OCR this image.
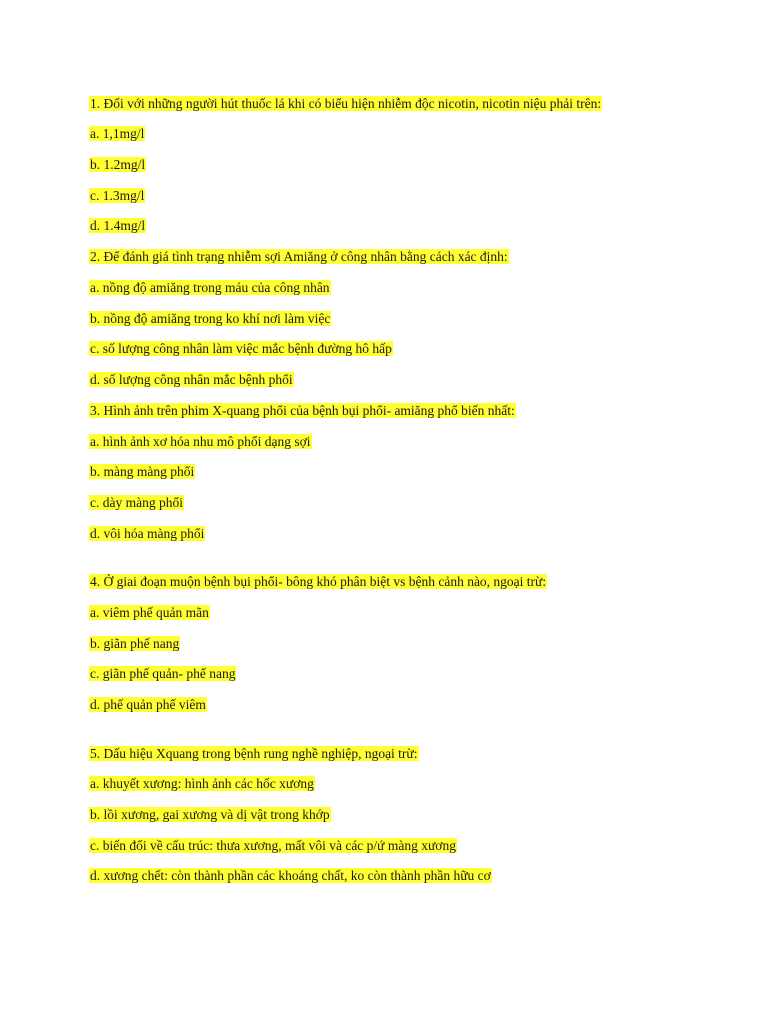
1. Đối với những người hút thuốc lá khi có biểu hiện nhiễm độc nicotin, nicotin niệu phải trên:
a. 1,1mg/l
b. 1.2mg/l
c. 1.3mg/l
d. 1.4mg/l
2. Để đánh giá tình trạng nhiễm sợi Amiăng ở công nhân bằng cách xác định:
a. nồng độ amiăng trong máu của công nhân
b. nồng độ amiăng trong ko khí nơi làm việc
c. số lượng công nhân làm việc mắc bệnh đường hô hấp
d. số lượng công nhân mắc bệnh phổi
3. Hình ảnh trên phim X-quang phổi của bệnh bụi phổi- amiăng phổ biến nhất:
a. hình ảnh xơ hóa nhu mô phổi dạng sợi
b. màng màng phổi
c. dày màng phổi
d. vôi hóa màng phổi
4. Ở giai đoạn muộn bệnh bụi phổi- bông khó phân biệt vs bệnh cảnh nào, ngoại trừ:
a. viêm phế quản mãn
b. giãn phế nang
c. giãn phế quản- phế nang
d. phế quản phế viêm
5. Dấu hiệu Xquang trong bệnh rung nghề nghiệp, ngoại trừ:
a. khuyết xương: hình ảnh các hốc xương
b. lồi xương, gai xương và dị vật trong khớp
c. biến đổi về cấu trúc: thưa xương, mất vôi và các p/ứ màng xương
d. xương chết: còn thành phần các khoáng chất, ko còn thành phần hữu cơ
